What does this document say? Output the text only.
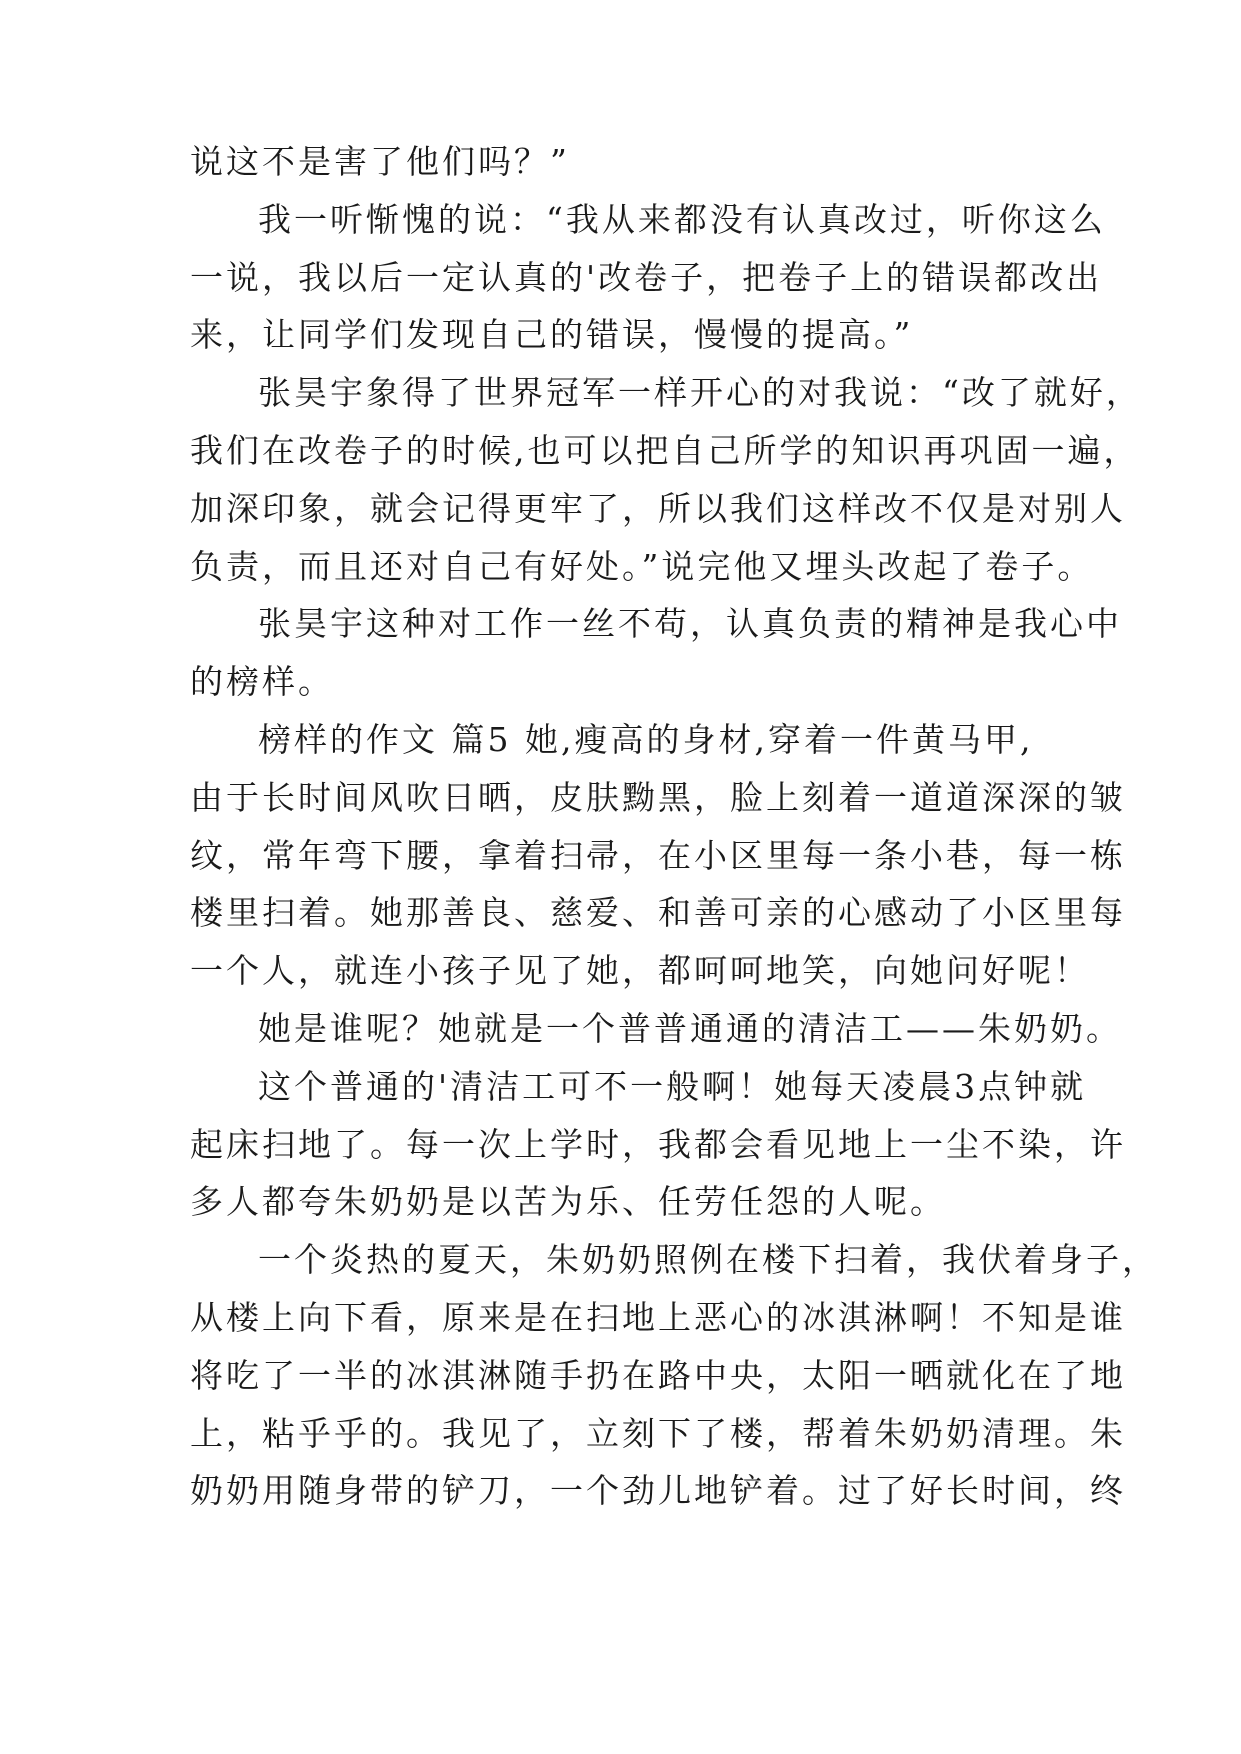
说这不是害了他们吗？”
我一听惭愧的说：“我从来都没有认真改过，听你这么
一说，我以后一定认真的'改卷子，把卷子上的错误都改出
来，让同学们发现自己的错误，慢慢的提高。”
张昊宇象得了世界冠军一样开心的对我说：“改了就好，
我们在改卷子的时候,也可以把自己所学的知识再巩固一遍，
加深印象，就会记得更牢了，所以我们这样改不仅是对别人
负责，而且还对自己有好处。”说完他又埋头改起了卷子。
张昊宇这种对工作一丝不苟，认真负责的精神是我心中
的榜样。
榜样的作文 篇5 她,瘦高的身材,穿着一件黄马甲,
由于长时间风吹日晒，皮肤黝黑，脸上刻着一道道深深的皱
纹，常年弯下腰，拿着扫帚，在小区里每一条小巷，每一栋
楼里扫着。她那善良、慈爱、和善可亲的心感动了小区里每
一个人，就连小孩子见了她，都呵呵地笑，向她问好呢！
她是谁呢？她就是一个普普通通的清洁工——朱奶奶。
这个普通的'清洁工可不一般啊！她每天凌晨3点钟就
起床扫地了。每一次上学时，我都会看见地上一尘不染，许
多人都夸朱奶奶是以苦为乐、任劳任怨的人呢。
一个炎热的夏天，朱奶奶照例在楼下扫着，我伏着身子，
从楼上向下看，原来是在扫地上恶心的冰淇淋啊！不知是谁
将吃了一半的冰淇淋随手扔在路中央，太阳一晒就化在了地
上，粘乎乎的。我见了，立刻下了楼，帮着朱奶奶清理。朱
奶奶用随身带的铲刀，一个劲儿地铲着。过了好长时间，终
